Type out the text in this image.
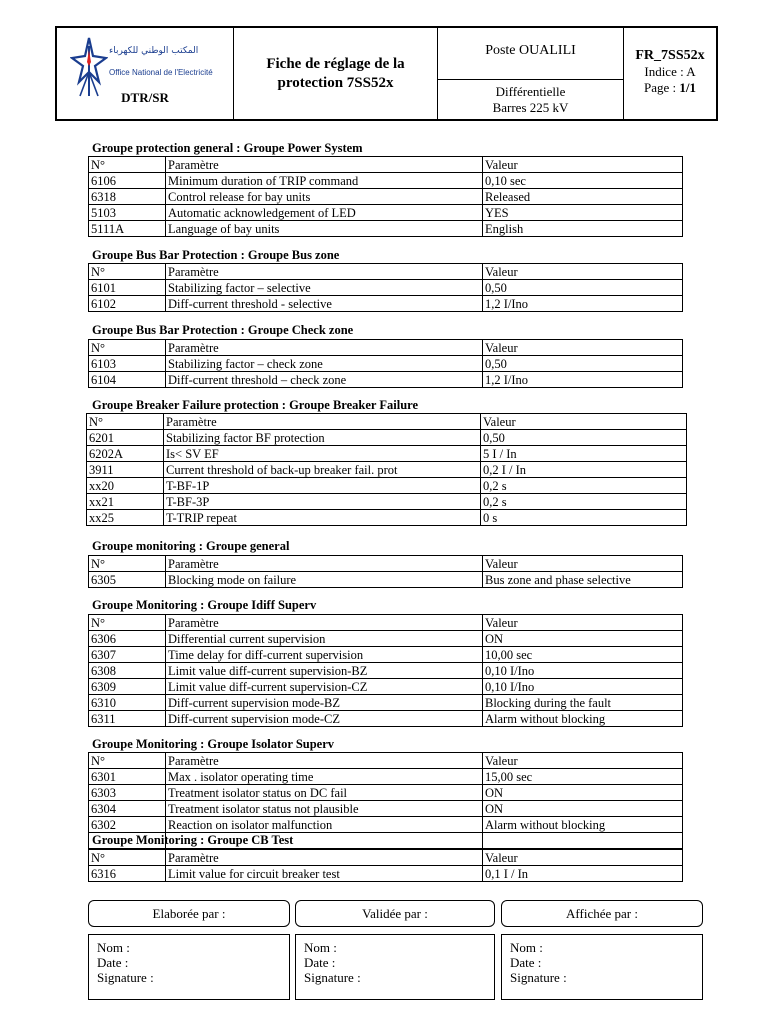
المكتب الوطني للكهرباء
Office National de l'Electricité
DTR/SR
Fiche de réglage de la
protection 7SS52x
Poste OUALILI
Différentielle
Barres 225 kV
FR_7SS52x
Indice : A
Page : 1/1
Groupe protection general : Groupe Power System
N°	Paramètre	Valeur
6106	Minimum duration of TRIP command	0,10 sec
6318	Control release for bay units	Released
5103	Automatic acknowledgement of LED	YES
5111A	Language of bay units	English
Groupe Bus Bar Protection : Groupe Bus zone
N°	Paramètre	Valeur
6101	Stabilizing factor – selective	0,50
6102	Diff-current threshold - selective	1,2 I/Ino
Groupe Bus Bar Protection : Groupe Check zone
N°	Paramètre	Valeur
6103	Stabilizing factor – check zone	0,50
6104	Diff-current threshold – check zone	1,2 I/Ino
Groupe Breaker Failure protection : Groupe Breaker Failure
N°	Paramètre	Valeur
6201	Stabilizing factor BF protection	0,50
6202A	Is< SV EF	5 I / In
3911	Current threshold of back-up breaker fail. prot	0,2 I / In
xx20	T-BF-1P	0,2 s
xx21	T-BF-3P	0,2 s
xx25	T-TRIP repeat	0 s
Groupe monitoring : Groupe general
N°	Paramètre	Valeur
6305	Blocking mode on failure	Bus zone and phase selective
Groupe Monitoring : Groupe Idiff Superv
N°	Paramètre	Valeur
6306	Differential current supervision	ON
6307	Time delay for diff-current supervision	10,00 sec
6308	Limit value diff-current supervision-BZ	0,10 I/Ino
6309	Limit value diff-current supervision-CZ	0,10 I/Ino
6310	Diff-current supervision mode-BZ	Blocking during the fault
6311	Diff-current supervision mode-CZ	Alarm without blocking
Groupe Monitoring : Groupe Isolator Superv
N°	Paramètre	Valeur
6301	Max . isolator operating time	15,00 sec
6303	Treatment isolator status on DC fail	ON
6304	Treatment isolator status not plausible	ON
6302	Reaction on isolator malfunction	Alarm without blocking

Groupe Monitoring : Groupe CB Test
N°	Paramètre	Valeur
6316	Limit value for circuit breaker test	0,1 I / In
Elaborée par :	Validée par :	Affichée par :
Nom :
Date :
Signature :
Nom :
Date :
Signature :
Nom :
Date :
Signature :
